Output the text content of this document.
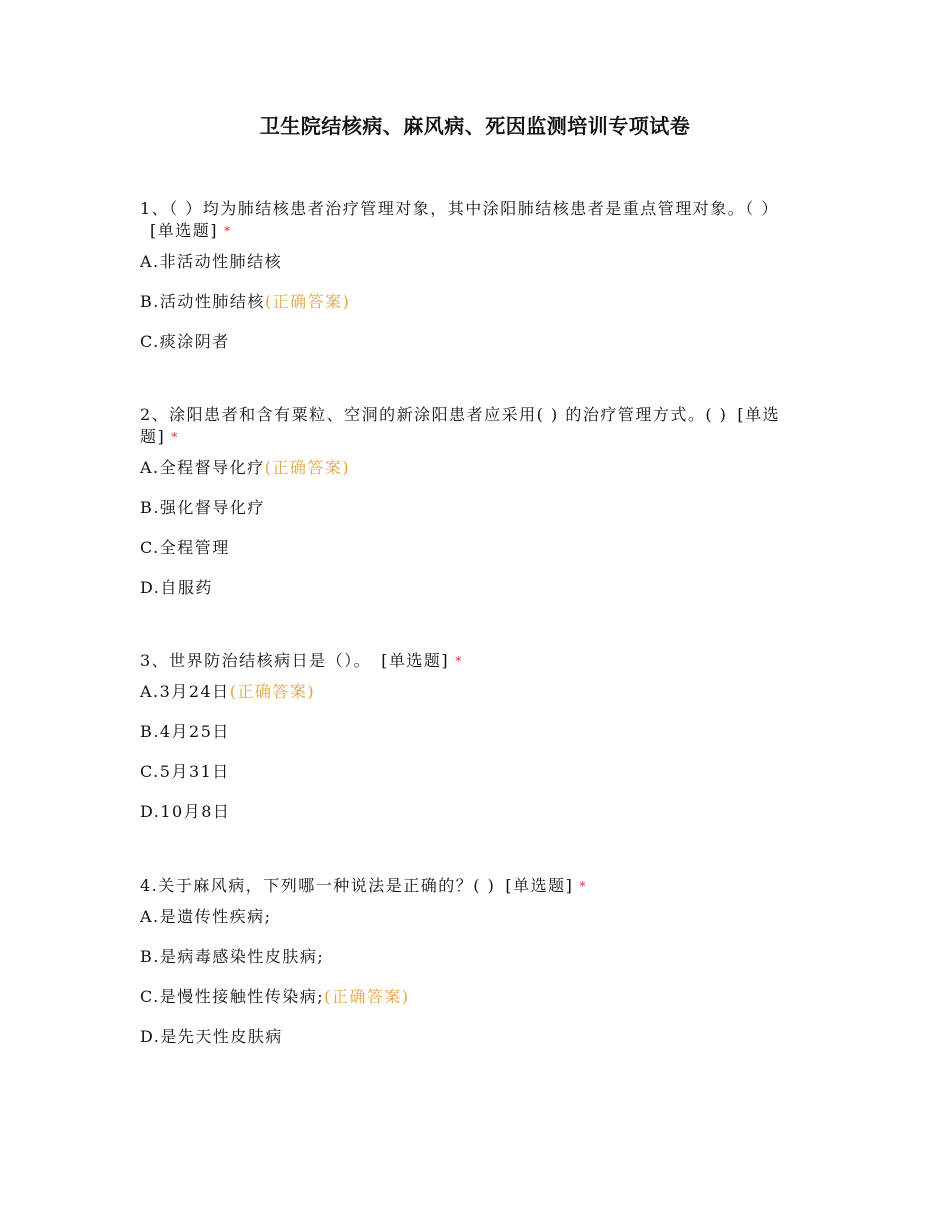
卫生院结核病、麻风病、死因监测培训专项试卷

1、（ ）均为肺结核患者治疗管理对象，其中涂阳肺结核患者是重点管理对象。（ ）[单选题] *

A.非活动性肺结核

B.活动性肺结核(正确答案)

C.痰涂阴者

2、涂阳患者和含有粟粒、空洞的新涂阳患者应采用( ) 的治疗管理方式。( ) [单选题] *

A.全程督导化疗(正确答案)

B.强化督导化疗

C.全程管理

D.自服药

3、世界防治结核病日是（）。 [单选题] *

A.3月24日(正确答案)

B.4月25日

C.5月31日

D.10月8日

4.关于麻风病，下列哪一种说法是正确的？( ) [单选题] *

A.是遗传性疾病;

B.是病毒感染性皮肤病;

C.是慢性接触性传染病;(正确答案)

D.是先天性皮肤病
